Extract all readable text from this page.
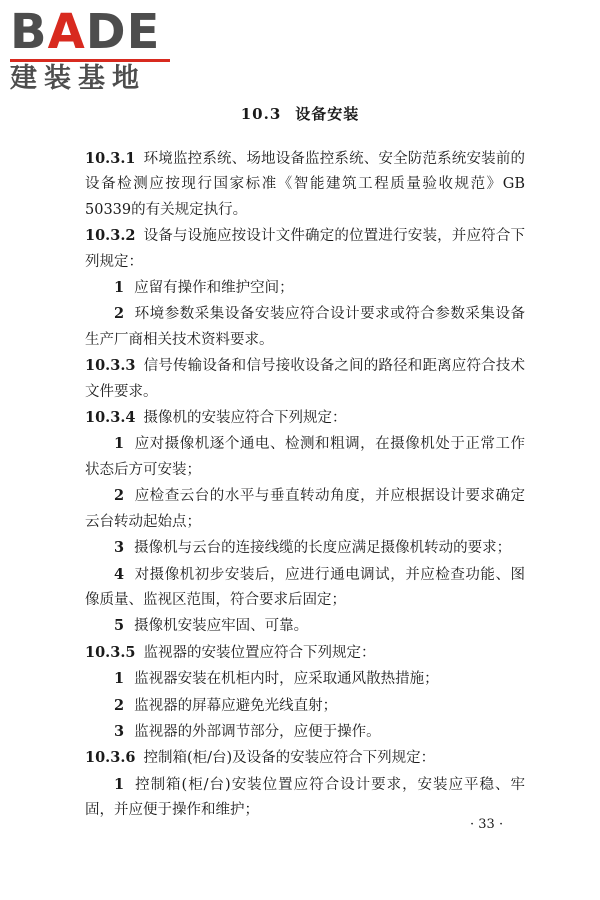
BADE
建装基地
10.3 设备安装

10.3.1 环境监控系统、场地设备监控系统、安全防范系统安装前的设备检测应按现行国家标准《智能建筑工程质量验收规范》GB 50339的有关规定执行。

10.3.2 设备与设施应按设计文件确定的位置进行安装，并应符合下列规定：

1 应留有操作和维护空间；

2 环境参数采集设备安装应符合设计要求或符合参数采集设备生产厂商相关技术资料要求。

10.3.3 信号传输设备和信号接收设备之间的路径和距离应符合技术文件要求。

10.3.4 摄像机的安装应符合下列规定：

1 应对摄像机逐个通电、检测和粗调，在摄像机处于正常工作状态后方可安装；

2 应检查云台的水平与垂直转动角度，并应根据设计要求确定云台转动起始点；

3 摄像机与云台的连接线缆的长度应满足摄像机转动的要求；

4 对摄像机初步安装后，应进行通电调试，并应检查功能、图像质量、监视区范围，符合要求后固定；

5 摄像机安装应牢固、可靠。

10.3.5 监视器的安装位置应符合下列规定：

1 监视器安装在机柜内时，应采取通风散热措施；

2 监视器的屏幕应避免光线直射；

3 监视器的外部调节部分，应便于操作。

10.3.6 控制箱(柜/台)及设备的安装应符合下列规定：

1 控制箱(柜/台)安装位置应符合设计要求，安装应平稳、牢固，并应便于操作和维护；

· 33 ·
